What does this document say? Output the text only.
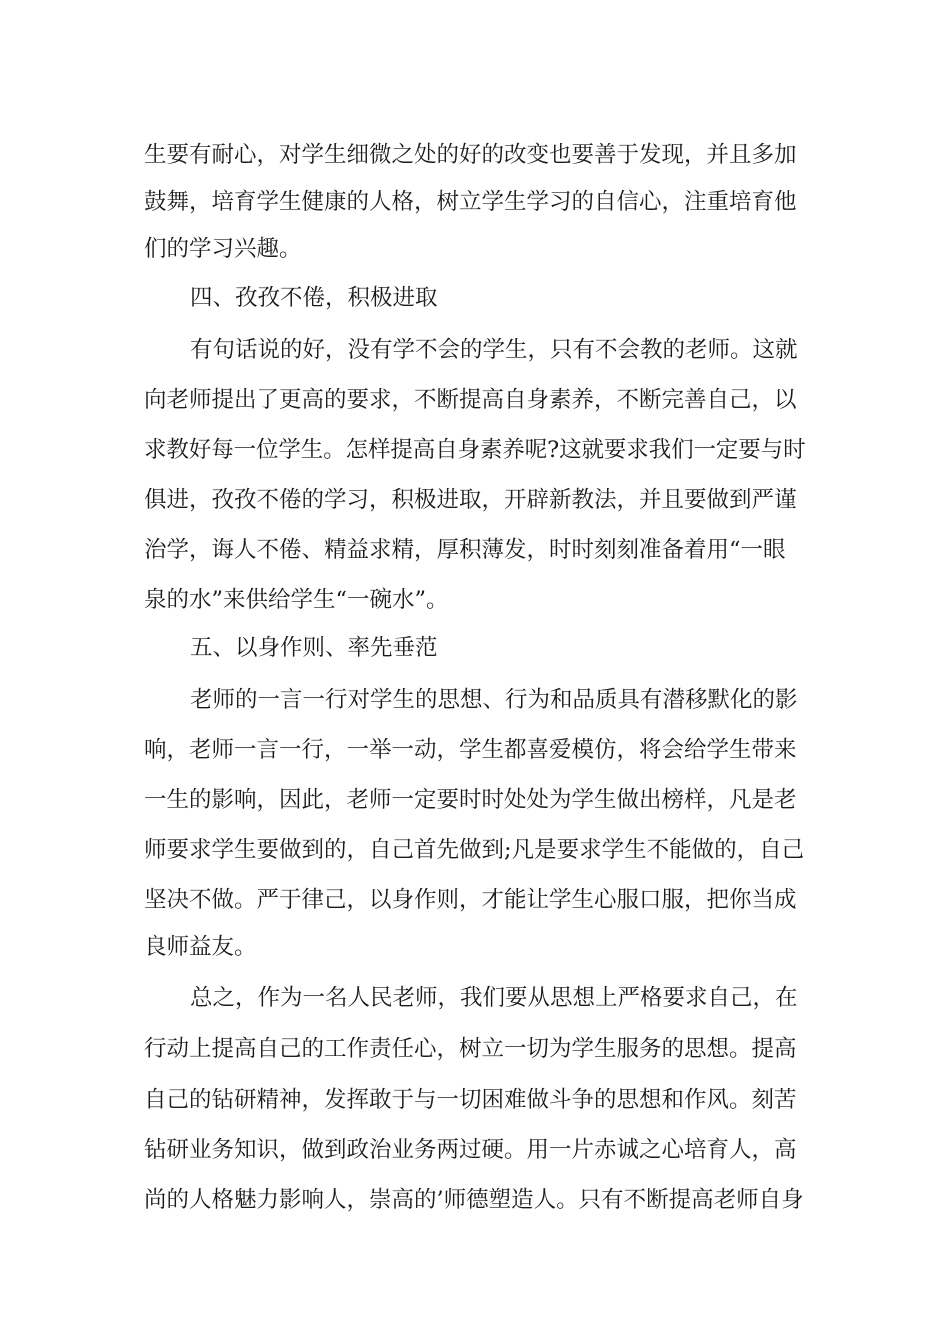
生要有耐心，对学生细微之处的好的改变也要善于发现，并且多加
鼓舞，培育学生健康的人格，树立学生学习的自信心，注重培育他
们的学习兴趣。
四、孜孜不倦，积极进取
有句话说的好，没有学不会的学生，只有不会教的老师。这就
向老师提出了更高的要求，不断提高自身素养，不断完善自己，以
求教好每一位学生。怎样提高自身素养呢?这就要求我们一定要与时
俱进，孜孜不倦的学习，积极进取，开辟新教法，并且要做到严谨
治学，诲人不倦、精益求精，厚积薄发，时时刻刻准备着用“一眼
泉的水”来供给学生“一碗水”。
五、以身作则、率先垂范
老师的一言一行对学生的思想、行为和品质具有潜移默化的影
响，老师一言一行，一举一动，学生都喜爱模仿，将会给学生带来
一生的影响，因此，老师一定要时时处处为学生做出榜样，凡是老
师要求学生要做到的，自己首先做到;凡是要求学生不能做的，自己
坚决不做。严于律己，以身作则，才能让学生心服口服，把你当成
良师益友。
总之，作为一名人民老师，我们要从思想上严格要求自己，在
行动上提高自己的工作责任心，树立一切为学生服务的思想。提高
自己的钻研精神，发挥敢于与一切困难做斗争的思想和作风。刻苦
钻研业务知识，做到政治业务两过硬。用一片赤诚之心培育人，高
尚的人格魅力影响人，崇高的’师德塑造人。只有不断提高老师自身
